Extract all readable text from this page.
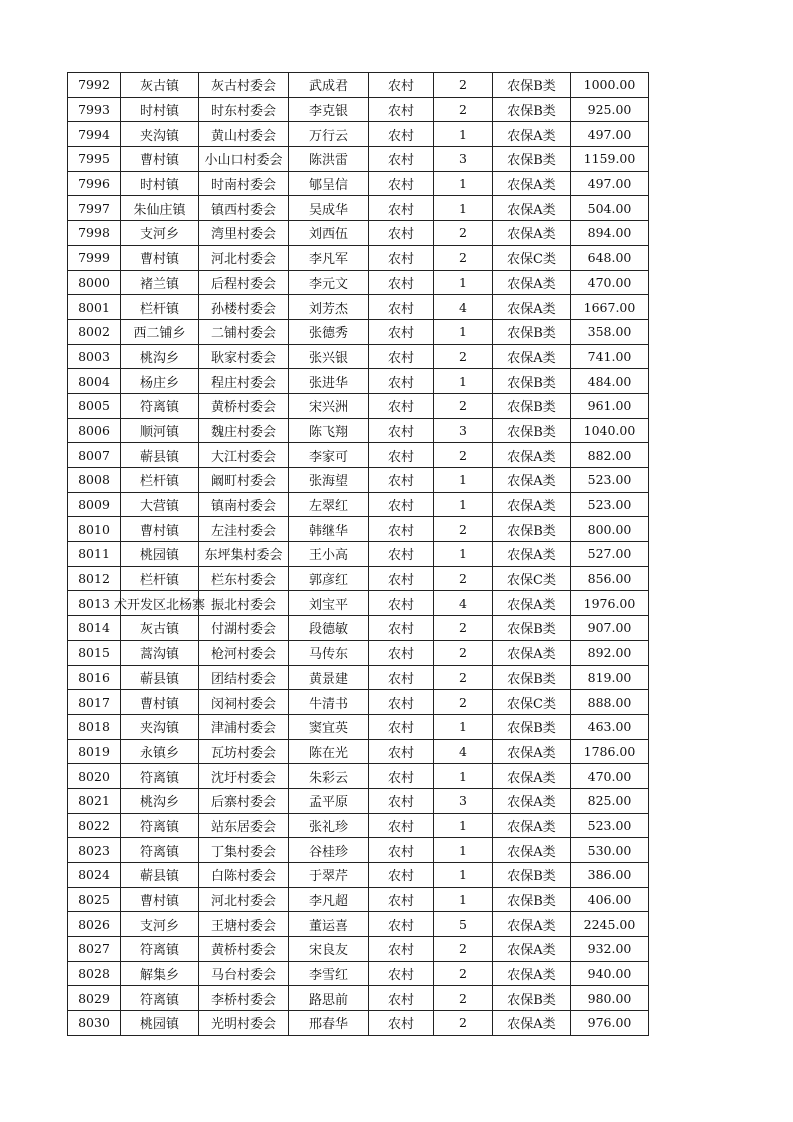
7992	灰古镇	灰古村委会	武成君	农村	2	农保B类	1000.00
7993	时村镇	时东村委会	李克银	农村	2	农保B类	925.00
7994	夹沟镇	黄山村委会	万行云	农村	1	农保A类	497.00
7995	曹村镇	小山口村委会	陈洪雷	农村	3	农保B类	1159.00
7996	时村镇	时南村委会	郇呈信	农村	1	农保A类	497.00
7997	朱仙庄镇	镇西村委会	吴成华	农村	1	农保A类	504.00
7998	支河乡	湾里村委会	刘西伍	农村	2	农保A类	894.00
7999	曹村镇	河北村委会	李凡军	农村	2	农保C类	648.00
8000	褚兰镇	后程村委会	李元文	农村	1	农保A类	470.00
8001	栏杆镇	孙楼村委会	刘芳杰	农村	4	农保A类	1667.00
8002	西二铺乡	二铺村委会	张德秀	农村	1	农保B类	358.00
8003	桃沟乡	耿家村委会	张兴银	农村	2	农保A类	741.00
8004	杨庄乡	程庄村委会	张进华	农村	1	农保B类	484.00
8005	符离镇	黄桥村委会	宋兴洲	农村	2	农保B类	961.00
8006	顺河镇	魏庄村委会	陈飞翔	农村	3	农保B类	1040.00
8007	蕲县镇	大江村委会	李家可	农村	2	农保A类	882.00
8008	栏杆镇	阚町村委会	张海望	农村	1	农保A类	523.00
8009	大营镇	镇南村委会	左翠红	农村	1	农保A类	523.00
8010	曹村镇	左洼村委会	韩继华	农村	2	农保B类	800.00
8011	桃园镇	东坪集村委会	王小高	农村	1	农保A类	527.00
8012	栏杆镇	栏东村委会	郭彦红	农村	2	农保C类	856.00
8013	术开发区北杨寨	振北村委会	刘宝平	农村	4	农保A类	1976.00
8014	灰古镇	付湖村委会	段德敏	农村	2	农保B类	907.00
8015	蒿沟镇	枪河村委会	马传东	农村	2	农保A类	892.00
8016	蕲县镇	团结村委会	黄景建	农村	2	农保B类	819.00
8017	曹村镇	闵祠村委会	牛清书	农村	2	农保C类	888.00
8018	夹沟镇	津浦村委会	窦宜英	农村	1	农保B类	463.00
8019	永镇乡	瓦坊村委会	陈在光	农村	4	农保A类	1786.00
8020	符离镇	沈圩村委会	朱彩云	农村	1	农保A类	470.00
8021	桃沟乡	后寨村委会	孟平原	农村	3	农保A类	825.00
8022	符离镇	站东居委会	张礼珍	农村	1	农保A类	523.00
8023	符离镇	丁集村委会	谷桂珍	农村	1	农保A类	530.00
8024	蕲县镇	白陈村委会	于翠芹	农村	1	农保B类	386.00
8025	曹村镇	河北村委会	李凡超	农村	1	农保B类	406.00
8026	支河乡	王塘村委会	董运喜	农村	5	农保A类	2245.00
8027	符离镇	黄桥村委会	宋良友	农村	2	农保A类	932.00
8028	解集乡	马台村委会	李雪红	农村	2	农保A类	940.00
8029	符离镇	李桥村委会	路思前	农村	2	农保B类	980.00
8030	桃园镇	光明村委会	邢春华	农村	2	农保A类	976.00
